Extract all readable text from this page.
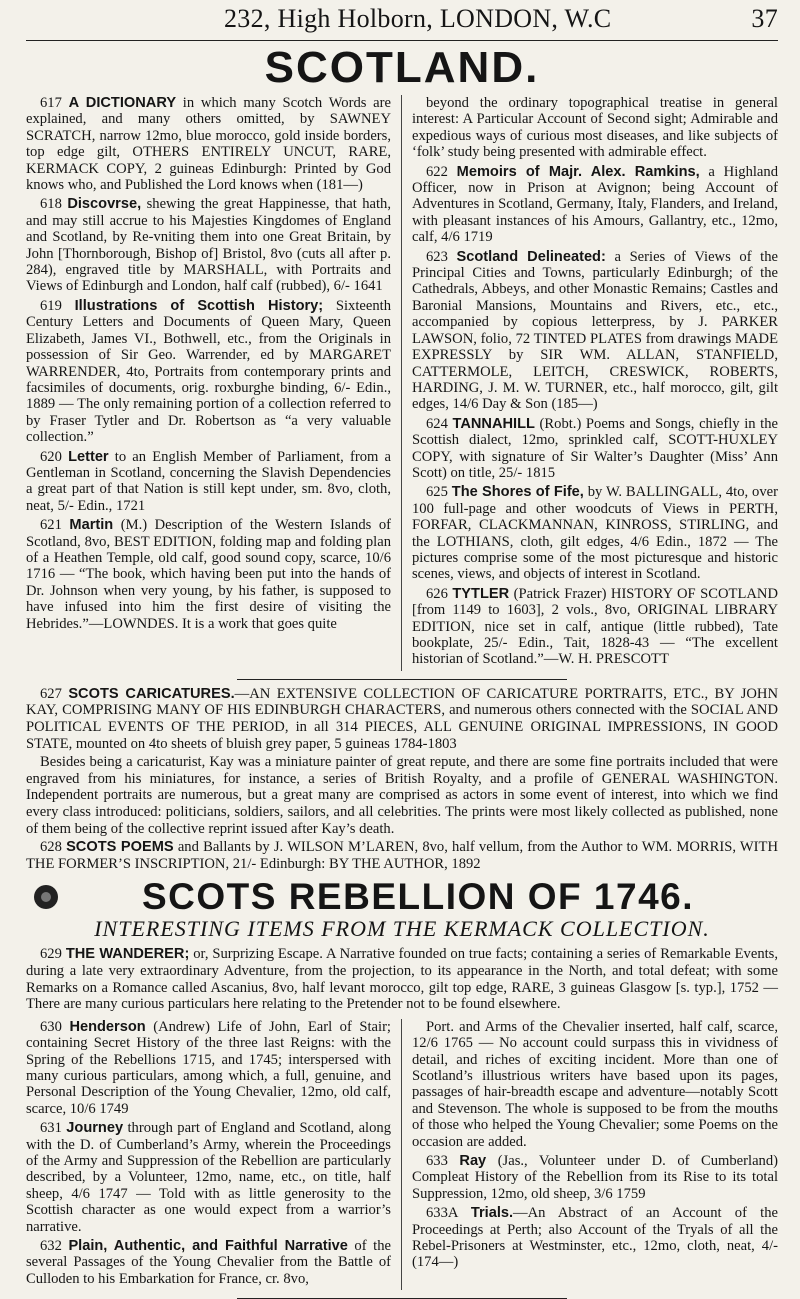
232, High Holborn, LONDON, W.C	37
SCOTLAND.

617 A DICTIONARY in which many Scotch Words are explained, and many others omitted, by SAWNEY SCRATCH, narrow 12mo, blue morocco, gold inside borders, top edge gilt, OTHERS ENTIRELY UNCUT, RARE, KERMACK COPY, 2 guineas Edinburgh: Printed by God knows who, and Published the Lord knows when (181—)

618 Discovrse, shewing the great Happinesse, that hath, and may still accrue to his Majesties Kingdomes of England and Scotland, by Re-vniting them into one Great Britain, by John [Thornborough, Bishop of] Bristol, 8vo (cuts all after p. 284), engraved title by MARSHALL, with Portraits and Views of Edinburgh and London, half calf (rubbed), 6/- 1641

619 Illustrations of Scottish History; Sixteenth Century Letters and Documents of Queen Mary, Queen Elizabeth, James VI., Bothwell, etc., from the Originals in possession of Sir Geo. Warrender, ed by MARGARET WARRENDER, 4to, Portraits from contemporary prints and facsimiles of documents, orig. roxburghe binding, 6/- Edin., 1889 — The only remaining portion of a collection referred to by Fraser Tytler and Dr. Robertson as “a very valuable collection.”

620 Letter to an English Member of Parliament, from a Gentleman in Scotland, concerning the Slavish Dependencies a great part of that Nation is still kept under, sm. 8vo, cloth, neat, 5/- Edin., 1721

621 Martin (M.) Description of the Western Islands of Scotland, 8vo, BEST EDITION, folding map and folding plan of a Heathen Temple, old calf, good sound copy, scarce, 10/6 1716 — “The book, which having been put into the hands of Dr. Johnson when very young, by his father, is supposed to have infused into him the first desire of visiting the Hebrides.”—LOWNDES. It is a work that goes quite

beyond the ordinary topographical treatise in general interest: A Particular Account of Second sight; Admirable and expedious ways of curious most diseases, and like subjects of ‘folk’ study being presented with admirable effect.

622 Memoirs of Majr. Alex. Ramkins, a Highland Officer, now in Prison at Avignon; being Account of Adventures in Scotland, Germany, Italy, Flanders, and Ireland, with pleasant instances of his Amours, Gallantry, etc., 12mo, calf, 4/6 1719

623 Scotland Delineated: a Series of Views of the Principal Cities and Towns, particularly Edinburgh; of the Cathedrals, Abbeys, and other Monastic Remains; Castles and Baronial Mansions, Mountains and Rivers, etc., etc., accompanied by copious letterpress, by J. PARKER LAWSON, folio, 72 TINTED PLATES from drawings MADE EXPRESSLY by SIR WM. ALLAN, STANFIELD, CATTERMOLE, LEITCH, CRESWICK, ROBERTS, HARDING, J. M. W. TURNER, etc., half morocco, gilt, gilt edges, 14/6 Day & Son (185—)

624 TANNAHILL (Robt.) Poems and Songs, chiefly in the Scottish dialect, 12mo, sprinkled calf, SCOTT-HUXLEY COPY, with signature of Sir Walter’s Daughter (Miss’ Ann Scott) on title, 25/- 1815

625 The Shores of Fife, by W. BALLINGALL, 4to, over 100 full-page and other woodcuts of Views in PERTH, FORFAR, CLACKMANNAN, KINROSS, STIRLING, and the LOTHIANS, cloth, gilt edges, 4/6 Edin., 1872 — The pictures comprise some of the most picturesque and historic scenes, views, and objects of interest in Scotland.

626 TYTLER (Patrick Frazer) HISTORY OF SCOTLAND [from 1149 to 1603], 2 vols., 8vo, ORIGINAL LIBRARY EDITION, nice set in calf, antique (little rubbed), Tate bookplate, 25/- Edin., Tait, 1828-43 — “The excellent historian of Scotland.”—W. H. PRESCOTT

627 SCOTS CARICATURES.—AN EXTENSIVE COLLECTION OF CARICATURE PORTRAITS, ETC., BY JOHN KAY, COMPRISING MANY OF HIS EDINBURGH CHARACTERS, and numerous others connected with the SOCIAL AND POLITICAL EVENTS OF THE PERIOD, in all 314 PIECES, ALL GENUINE ORIGINAL IMPRESSIONS, IN GOOD STATE, mounted on 4to sheets of bluish grey paper, 5 guineas 1784-1803

Besides being a caricaturist, Kay was a miniature painter of great repute, and there are some fine portraits included that were engraved from his miniatures, for instance, a series of British Royalty, and a profile of GENERAL WASHINGTON. Independent portraits are numerous, but a great many are comprised as actors in some event of interest, into which we find every class introduced: politicians, soldiers, sailors, and all celebrities. The prints were most likely collected as published, none of them being of the collective reprint issued after Kay’s death.

628 SCOTS POEMS and Ballants by J. WILSON M’LAREN, 8vo, half vellum, from the Author to WM. MORRIS, WITH THE FORMER’S INSCRIPTION, 21/- Edinburgh: BY THE AUTHOR, 1892

SCOTS REBELLION OF 1746.
INTERESTING ITEMS FROM THE KERMACK COLLECTION.

629 THE WANDERER; or, Surprizing Escape. A Narrative founded on true facts; containing a series of Remarkable Events, during a late very extraordinary Adventure, from the projection, to its appearance in the North, and total defeat; with some Remarks on a Romance called Ascanius, 8vo, half levant morocco, gilt top edge, RARE, 3 guineas Glasgow [s. typ.], 1752 — There are many curious particulars here relating to the Pretender not to be found elsewhere.

630 Henderson (Andrew) Life of John, Earl of Stair; containing Secret History of the three last Reigns: with the Spring of the Rebellions 1715, and 1745; interspersed with many curious particulars, among which, a full, genuine, and Personal Description of the Young Chevalier, 12mo, old calf, scarce, 10/6 1749

631 Journey through part of England and Scotland, along with the D. of Cumberland’s Army, wherein the Proceedings of the Army and Suppression of the Rebellion are particularly described, by a Volunteer, 12mo, name, etc., on title, half sheep, 4/6 1747 — Told with as little generosity to the Scottish character as one would expect from a warrior’s narrative.

632 Plain, Authentic, and Faithful Narrative of the several Passages of the Young Chevalier from the Battle of Culloden to his Embarkation for France, cr. 8vo,

Port. and Arms of the Chevalier inserted, half calf, scarce, 12/6 1765 — No account could surpass this in vividness of detail, and riches of exciting incident. More than one of Scotland’s illustrious writers have based upon its pages, passages of hair-breadth escape and adventure—notably Scott and Stevenson. The whole is supposed to be from the mouths of those who helped the Young Chevalier; some Poems on the occasion are added.

633 Ray (Jas., Volunteer under D. of Cumberland) Compleat History of the Rebellion from its Rise to its total Suppression, 12mo, old sheep, 3/6 1759

633A Trials.—An Abstract of an Account of the Proceedings at Perth; also Account of the Tryals of all the Rebel-Prisoners at Westminster, etc., 12mo, cloth, neat, 4/- (174—)
